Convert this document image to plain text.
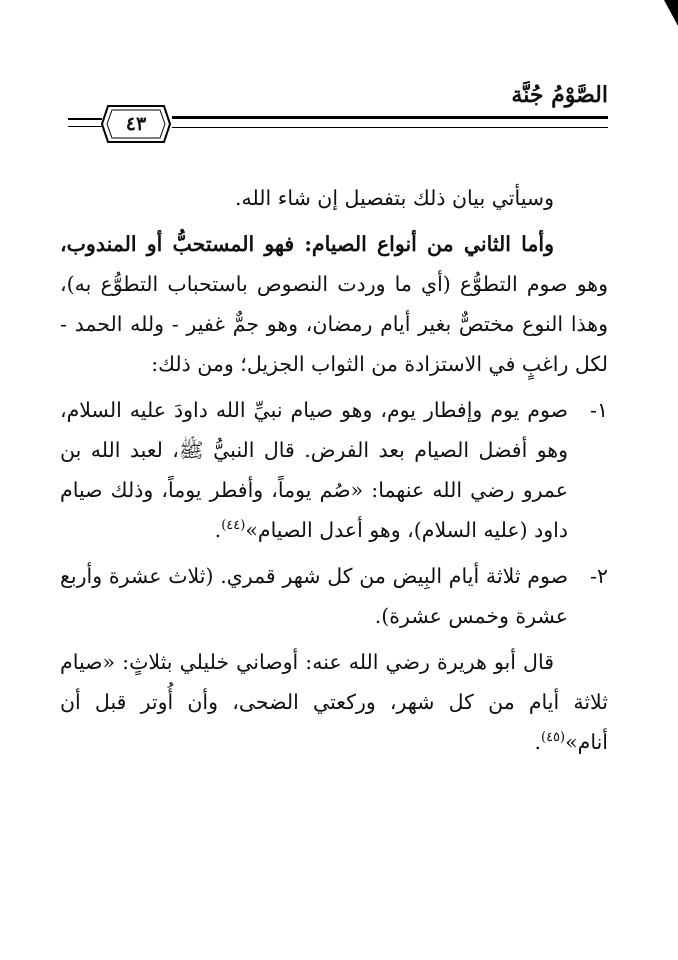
الصَّوْمُ جُنَّة
٤٣

وسيأتي بيان ذلك بتفصيل إن شاء الله.

وأما الثاني من أنواع الصيام: فهو المستحبُّ أو المندوب، وهو صوم التطوُّع (أي ما وردت النصوص باستحباب التطوُّع به)، وهذا النوع مختصٌّ بغير أيام رمضان، وهو جمٌّ غفير - ولله الحمد - لكل راغبٍ في الاستزادة من الثواب الجزيل؛ ومن ذلك:

١-
صوم يوم وإفطار يوم، وهو صيام نبيِّ الله داودَ عليه السلام، وهو أفضل الصيام بعد الفرض. قال النبيُّ ﷺ، لعبد الله بن عمرو رضي الله عنهما: «صُم يوماً، وأفطر يوماً، وذلك صيام داود (عليه السلام)، وهو أعدل الصيام»$^{(٤٤)}$.
٢-
صوم ثلاثة أيام البِيض من كل شهر قمري. (ثلاث عشرة وأربع عشرة وخمس عشرة).

قال أبو هريرة رضي الله عنه: أوصاني خليلي بثلاثٍ: «صيام ثلاثة أيام من كل شهر، وركعتي الضحى، وأن أُوتر قبل أن أنام»$^{(٤٥)}$.
